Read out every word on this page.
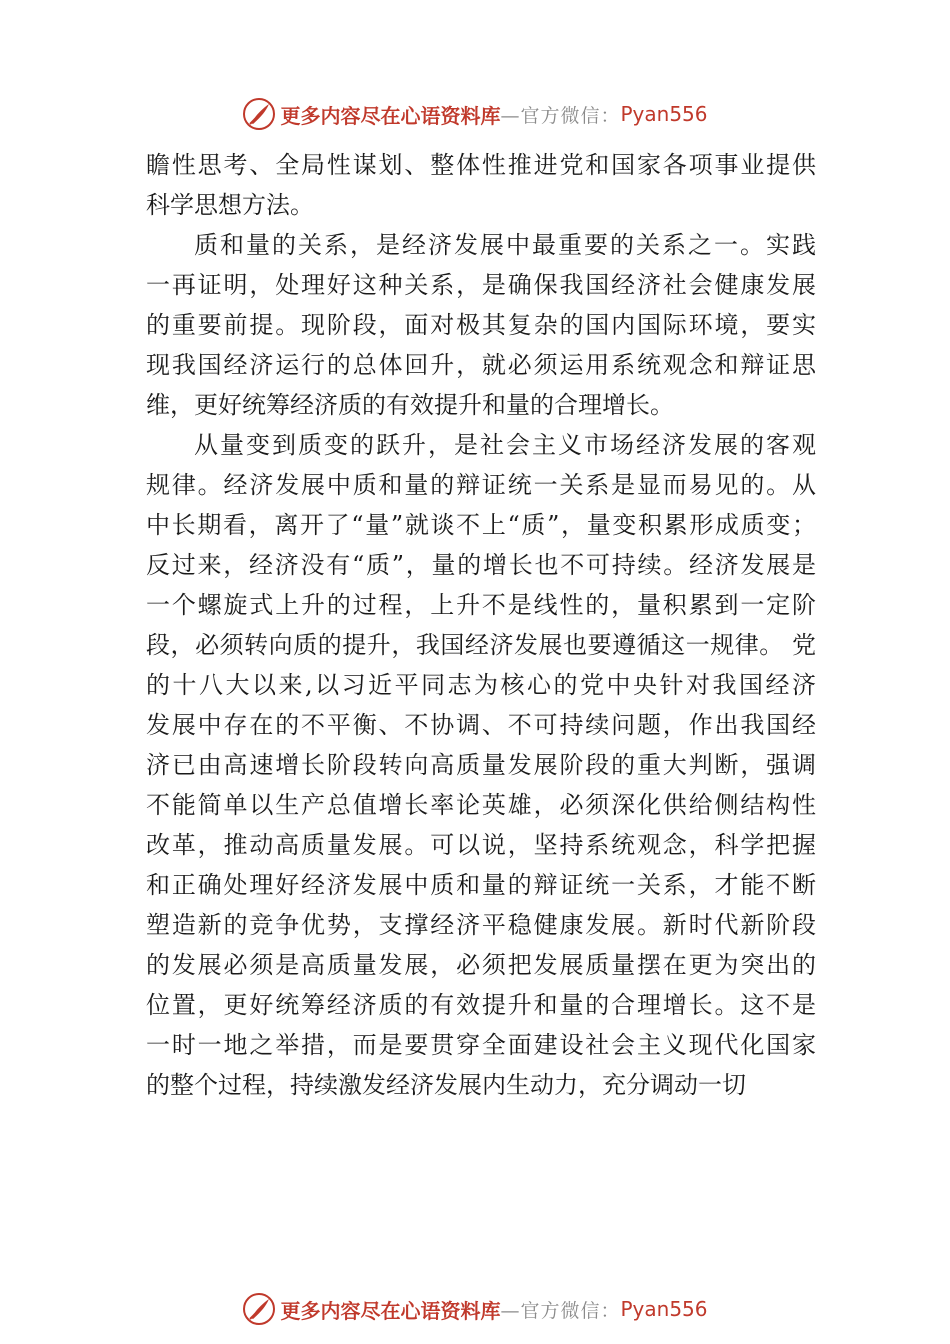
更多内容尽在心语资料库 —官方微信： Pyan556
瞻性思考、全局性谋划、整体性推进党和国家各项事业提供
科学思想方法。
质和量的关系，是经济发展中最重要的关系之一。实践
一再证明，处理好这种关系，是确保我国经济社会健康发展
的重要前提。现阶段，面对极其复杂的国内国际环境，要实
现我国经济运行的总体回升，就必须运用系统观念和辩证思
维，更好统筹经济质的有效提升和量的合理增长。
从量变到质变的跃升，是社会主义市场经济发展的客观
规律。经济发展中质和量的辩证统一关系是显而易见的。从
中长期看，离开了“量”就谈不上“质”，量变积累形成质变；
反过来，经济没有“质”，量的增长也不可持续。经济发展是
一个螺旋式上升的过程，上升不是线性的，量积累到一定阶
段，必须转向质的提升，我国经济发展也要遵循这一规律。 党
的十八大以来,以习近平同志为核心的党中央针对我国经济
发展中存在的不平衡、不协调、不可持续问题，作出我国经
济已由高速增长阶段转向高质量发展阶段的重大判断，强调
不能简单以生产总值增长率论英雄，必须深化供给侧结构性
改革，推动高质量发展。可以说，坚持系统观念，科学把握
和正确处理好经济发展中质和量的辩证统一关系，才能不断
塑造新的竞争优势，支撑经济平稳健康发展。新时代新阶段
的发展必须是高质量发展，必须把发展质量摆在更为突出的
位置，更好统筹经济质的有效提升和量的合理增长。这不是
一时一地之举措，而是要贯穿全面建设社会主义现代化国家
的整个过程，持续激发经济发展内生动力，充分调动一切
更多内容尽在心语资料库 —官方微信： Pyan556
